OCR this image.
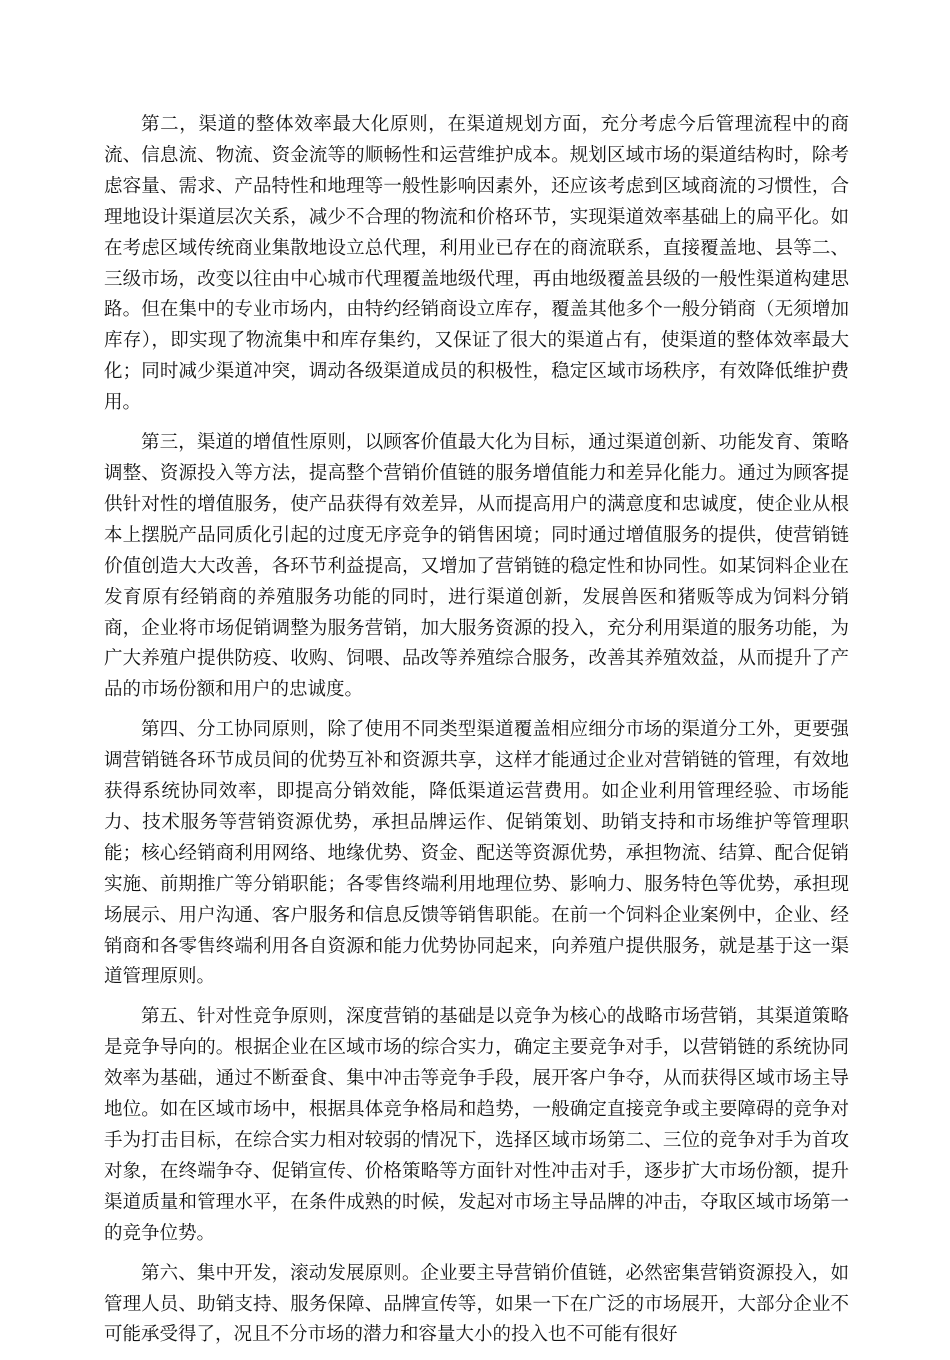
第二，渠道的整体效率最大化原则，在渠道规划方面，充分考虑今后管理流程中的商流、信息流、物流、资金流等的顺畅性和运营维护成本。规划区域市场的渠道结构时，除考虑容量、需求、产品特性和地理等一般性影响因素外，还应该考虑到区域商流的习惯性，合理地设计渠道层次关系，减少不合理的物流和价格环节，实现渠道效率基础上的扁平化。如在考虑区域传统商业集散地设立总代理，利用业已存在的商流联系，直接覆盖地、县等二、三级市场，改变以往由中心城市代理覆盖地级代理，再由地级覆盖县级的一般性渠道构建思路。但在集中的专业市场内，由特约经销商设立库存，覆盖其他多个一般分销商（无须增加库存），即实现了物流集中和库存集约，又保证了很大的渠道占有，使渠道的整体效率最大化；同时减少渠道冲突，调动各级渠道成员的积极性，稳定区域市场秩序，有效降低维护费用。

第三，渠道的增值性原则，以顾客价值最大化为目标，通过渠道创新、功能发育、策略调整、资源投入等方法，提高整个营销价值链的服务增值能力和差异化能力。通过为顾客提供针对性的增值服务，使产品获得有效差异，从而提高用户的满意度和忠诚度，使企业从根本上摆脱产品同质化引起的过度无序竞争的销售困境；同时通过增值服务的提供，使营销链价值创造大大改善，各环节利益提高，又增加了营销链的稳定性和协同性。如某饲料企业在发育原有经销商的养殖服务功能的同时，进行渠道创新，发展兽医和猪贩等成为饲料分销商，企业将市场促销调整为服务营销，加大服务资源的投入，充分利用渠道的服务功能，为广大养殖户提供防疫、收购、饲喂、品改等养殖综合服务，改善其养殖效益，从而提升了产品的市场份额和用户的忠诚度。

第四、分工协同原则，除了使用不同类型渠道覆盖相应细分市场的渠道分工外，更要强调营销链各环节成员间的优势互补和资源共享，这样才能通过企业对营销链的管理，有效地获得系统协同效率，即提高分销效能，降低渠道运营费用。如企业利用管理经验、市场能力、技术服务等营销资源优势，承担品牌运作、促销策划、助销支持和市场维护等管理职能；核心经销商利用网络、地缘优势、资金、配送等资源优势，承担物流、结算、配合促销实施、前期推广等分销职能；各零售终端利用地理位势、影响力、服务特色等优势，承担现场展示、用户沟通、客户服务和信息反馈等销售职能。在前一个饲料企业案例中，企业、经销商和各零售终端利用各自资源和能力优势协同起来，向养殖户提供服务，就是基于这一渠道管理原则。

第五、针对性竞争原则，深度营销的基础是以竞争为核心的战略市场营销，其渠道策略是竞争导向的。根据企业在区域市场的综合实力，确定主要竞争对手，以营销链的系统协同效率为基础，通过不断蚕食、集中冲击等竞争手段，展开客户争夺，从而获得区域市场主导地位。如在区域市场中，根据具体竞争格局和趋势，一般确定直接竞争或主要障碍的竞争对手为打击目标，在综合实力相对较弱的情况下，选择区域市场第二、三位的竞争对手为首攻对象，在终端争夺、促销宣传、价格策略等方面针对性冲击对手，逐步扩大市场份额，提升渠道质量和管理水平，在条件成熟的时候，发起对市场主导品牌的冲击，夺取区域市场第一的竞争位势。

第六、集中开发，滚动发展原则。企业要主导营销价值链，必然密集营销资源投入，如管理人员、助销支持、服务保障、品牌宣传等，如果一下在广泛的市场展开，大部分企业不可能承受得了，况且不分市场的潜力和容量大小的投入也不可能有很好
